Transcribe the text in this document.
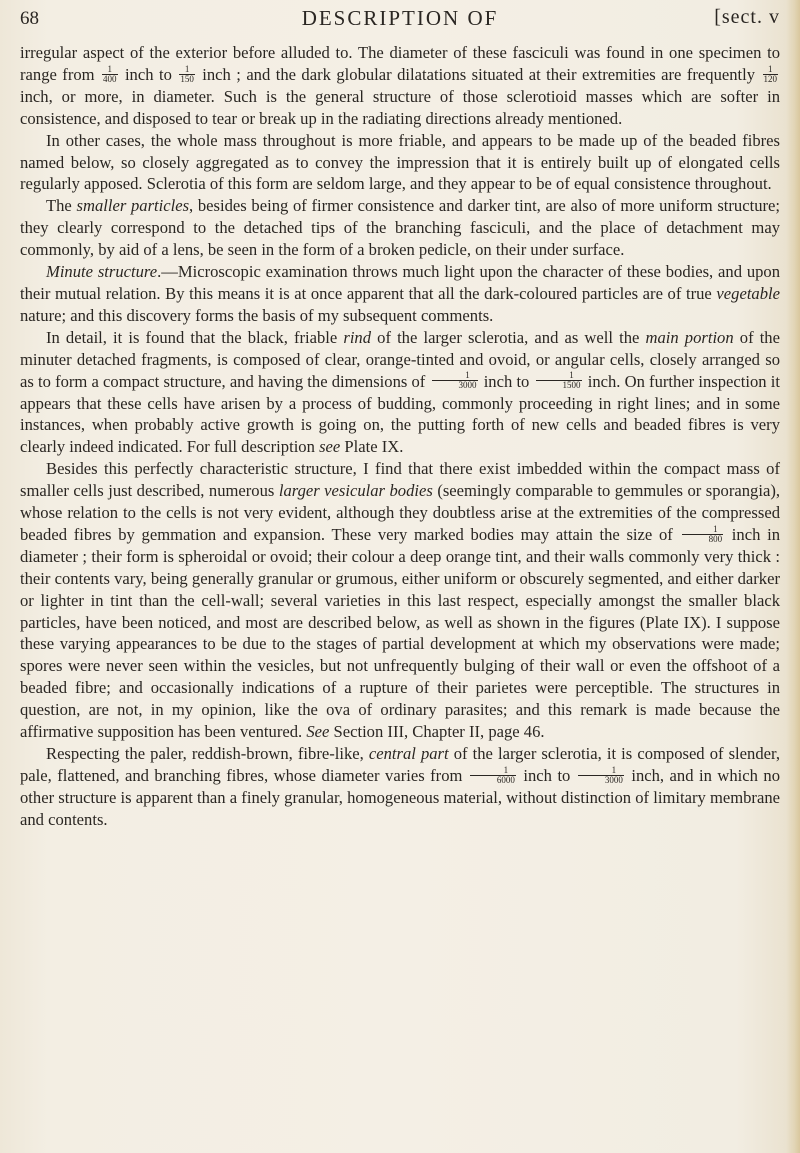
68	DESCRIPTION OF	[sect. v

irregular aspect of the exterior before alluded to. The diameter of these fasciculi was found in one specimen to range from $\frac{1}{400}$ inch to $\frac{1}{150}$ inch ; and the dark globular dilatations situated at their extremities are frequently $\frac{1}{120}$
inch, or more, in diameter. Such is the general structure of those sclerotioid masses which are softer in consistence, and disposed to tear or break up in the radiating directions already mentioned.

In other cases, the whole mass throughout is more friable, and appears to be made up of the beaded fibres named below, so closely aggregated as to convey the impression that it is entirely built up of elongated cells regularly apposed. Sclerotia of this form are seldom large, and they appear to be of equal consistence throughout.

The smaller particles, besides being of firmer consistence and darker tint, are also of more uniform structure; they clearly correspond to the detached tips of the branching fasciculi, and the place of detachment may commonly, by aid of a lens, be seen in the form of a broken pedicle, on their under surface.

Minute structure.—Microscopic examination throws much light upon the character of these bodies, and upon their mutual relation. By this means it is at once apparent that all the dark-coloured particles are of true vegetable nature; and this discovery forms the basis of my subsequent comments.

In detail, it is found that the black, friable rind of the larger sclerotia, and as well the main portion of the minuter detached fragments, is composed of clear, orange-tinted and ovoid, or angular cells, closely arranged so as to form a compact structure, and having the dimensions of $\frac{1}{3000}$ inch to $\frac{1}{1500}$ inch. On further inspection it appears that these cells have arisen by a process of budding, commonly proceeding in right lines; and in some instances, when probably active growth is going on, the putting forth of new cells and beaded fibres is very clearly indeed indicated. For full description see Plate IX.

Besides this perfectly characteristic structure, I find that there exist imbedded within the compact mass of smaller cells just described, numerous larger vesicular bodies (seemingly comparable to gemmules or sporangia), whose relation to the cells is not very evident, although they doubtless arise at the extremities of the compressed beaded fibres by gemmation and expansion. These very marked bodies may attain the size of $\frac{1}{800}$ inch in diameter ; their form is spheroidal or ovoid; their colour a deep orange tint, and their walls commonly very thick : their contents vary, being generally granular or grumous, either uniform or obscurely segmented, and either darker or lighter in tint than the cell-wall; several varieties in this last respect, especially amongst the smaller black particles, have been noticed, and most are described below, as well as shown in the figures (Plate IX). I suppose these varying appearances to be due to the stages of partial development at which my observations were made; spores were never seen within the vesicles, but not unfrequently bulging of their wall or even the offshoot of a beaded fibre; and occasionally indications of a rupture of their parietes were perceptible. The structures in question, are not, in my opinion, like the ova of ordinary parasites; and this remark is made because the affirmative supposition has been ventured. See Section III, Chapter II, page 46.

Respecting the paler, reddish-brown, fibre-like, central part of the larger sclerotia, it is composed of slender, pale, flattened, and branching fibres, whose diameter varies from $\frac{1}{6000}$ inch to $\frac{1}{3000}$ inch, and in which no other structure is apparent than a finely granular, homogeneous material, without distinction of limitary membrane and contents.
